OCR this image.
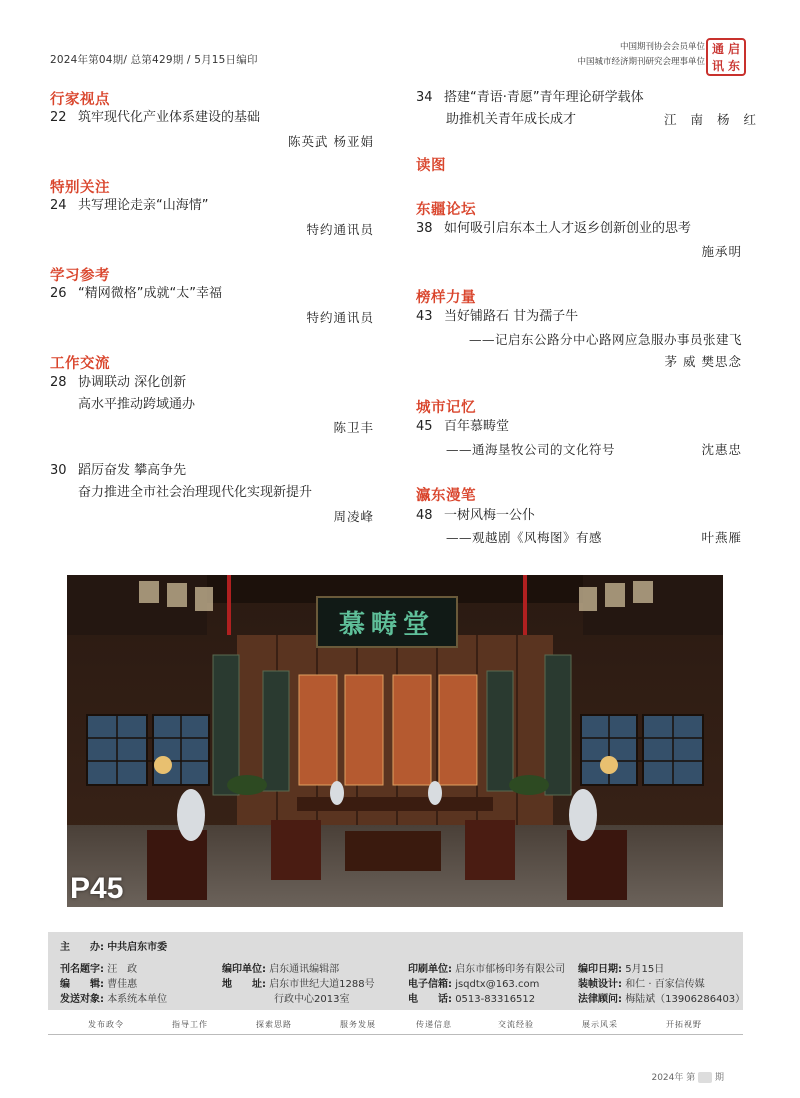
2024年第04期/ 总第429期 / 5月15日编印
中国期刊协会会员单位
中国城市经济期刊研究会理事单位
通 启
讯 东
行家视点
22 筑牢现代化产业体系建设的基础
陈英武 杨亚娟
特别关注
24 共写理论走亲“山海情”
特约通讯员
学习参考
26 “精网微格”成就“太”幸福
特约通讯员
工作交流
28 协调联动 深化创新
高水平推动跨域通办
陈卫丰
30 蹈厉奋发 攀高争先
奋力推进全市社会治理现代化实现新提升
周凌峰
34 搭建“青语·青愿”青年理论研学载体
助推机关青年成长成才	江南杨红
读图
东疆论坛
38 如何吸引启东本土人才返乡创新创业的思考
施承明
榜样力量
43 当好铺路石 甘为孺子牛
——记启东公路分中心路网应急服办事员张建飞
茅 威 樊思念
城市记忆
45 百年慕畴堂
——通海垦牧公司的文化符号	沈惠忠
瀛东漫笔
48 一树风梅一公仆
——观越剧《风梅图》有感	叶燕雁
慕畴堂
P45
主　　办: 中共启东市委
刊名题字: 汪　政	编印单位: 启东通讯编辑部	印刷单位: 启东市郁杨印务有限公司 编印日期: 5月15日
编　　辑: 曹佳惠	地　　址: 启东市世纪大道1288号	电子信箱: jsqdtx@163.com	装帧设计: 和仁 · 百家信传媒
发送对象: 本系统本单位	行政中心2013室	电　　话: 0513-83316512	法律顾问: 梅陆斌（13906286403）
发布政令	指导工作	探索思路	服务发展	传递信息	交流经验	展示风采	开拓视野
2024年 第 期
